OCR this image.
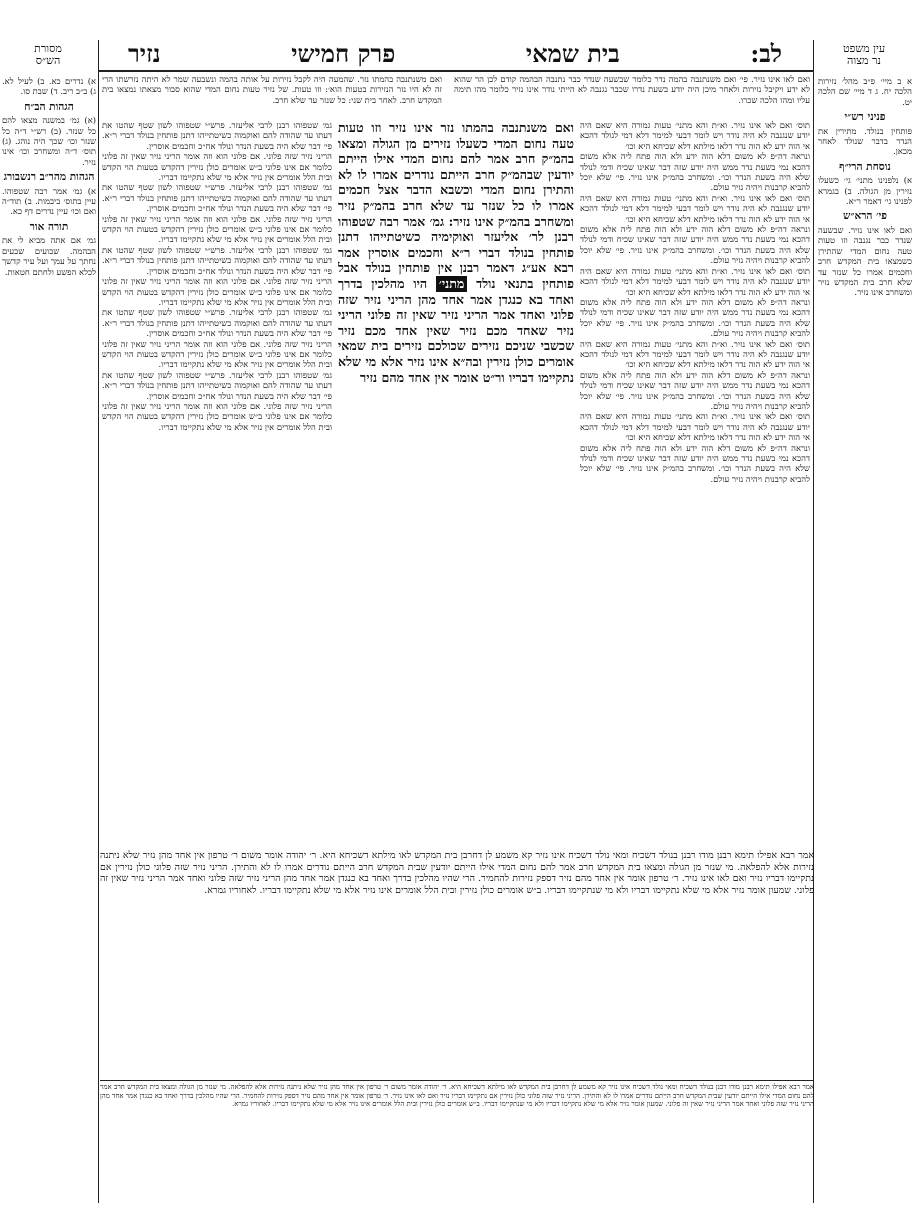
עין משפט
נר מצוה
לב:
בית שמאי
פרק חמישי
נזיר
מסורת
הש״ס

א ב מיי׳ פ״ב מהל׳ נזירות הלכה יח. ג ד מיי׳ שם הלכה יט.

פניני רש״י

פותחין בנולד. מתירין את הנדר בדבר שנולד לאחר מכאן.

נוסחת הרי״ף

א) נלפנינו מתני׳ גי׳ כשעלו נזירין מן הגולה. ב) בגמרא לפנינו גי׳ דאמר ר״א.

פי׳ הרא״ש

ואם לאו אינו נזיר. שבשעה שנדר כבר נגנבה וזו טעות טעה נחום המדי שהתירן כשמצאו בית המקדש חרב וחכמים אמרו כל שנזר עד שלא חרב בית המקדש נזיר ומשחרב אינו נזיר.

א) נדרים כא. ב) לעיל לא. ג) ב״ב ריב. ד) שבת סו.

הגהות הב״ח

(א) גמ׳ במשנה מצאו להם כל שנזר. (ב) רש״י ד״ה כל שנזר וכו׳ שכך היה נוהג. (ג) תוס׳ ד״ה ומשחרב וכו׳ אינו נזיר.

הגהות מהר״ב רנשבורג

א) גמ׳ אמר רבה שטפוהו. עיין בתוס׳ ביבמות. ב) תוד״ה ואם וכו׳ עיין נדרים דף כא.

תורה אור

גמ׳ אם אתה מביא לי את הבהמה. שבועים שבעים נחתך על עמך ועל עיר קדשך לכלא הפשע ולחתם חטאות.

ואם לאו אינו נזיר. פי׳ ואם משנתנבה בהמה נדר כלומר שבשעה שנדר כבר נתנבה הבהמה קודם לכן הר שהוא לא ידע ויקיבל נזירות ולאחר מיכן היה יודע בשעת נדרו שכבר נגנבה לא הייתי נודר אינו נזיר כלומר מהו תימה עליו ומהו הלכה שכרו.
ואם משנתנבה בהמתו נזר. שהמעה היה לקבל נזירות על אותה בהמה ונשבעה שמר לא היתה נזרשתו הרי זה לא היו נזר הנזירות בטעות הוא׳: וזו טעות. של נזיר טעות נחום המדי שהוא סבור מצאתו נמצאו בית המקדש חרב. לאחר בית שני: כל שנזר עד שלא חרב.

תוס׳ ואם לאו אינו נזיר. וא״ת והא מתני׳ טעות גמורה היא שאם היה יודע שנגנבה לא היה נודר ויש לומר דבעי למימר דלא דמי לנולד דהכא אי הוה ידע לא הוה נדר דלאו מילתא דלא שכיחא היא וכו׳

ונראה דה״פ לא משום דלא הוה ידע ולא הוה פתח ליה אלא משום דהכא נמי בשעת נדר ממש היה יודע שזה דבר שאינו שכיח ודמי לנולד שלא היה בשעת הנדר וכו׳. ומשחרב בהמ״ק אינו נזיר. פי׳ שלא יוכל להביא קרבנות ויהיה נזיר עולם.

תוס׳ ואם לאו אינו נזיר. וא״ת והא מתני׳ טעות גמורה היא שאם היה יודע שנגנבה לא היה נודר ויש לומר דבעי למימר דלא דמי לנולד דהכא אי הוה ידע לא הוה נדר דלאו מילתא דלא שכיחא היא וכו׳

ונראה דה״פ לא משום דלא הוה ידע ולא הוה פתח ליה אלא משום דהכא נמי בשעת נדר ממש היה יודע שזה דבר שאינו שכיח ודמי לנולד שלא היה בשעת הנדר וכו׳. ומשחרב בהמ״ק אינו נזיר. פי׳ שלא יוכל להביא קרבנות ויהיה נזיר עולם.

תוס׳ ואם לאו אינו נזיר. וא״ת והא מתני׳ טעות גמורה היא שאם היה יודע שנגנבה לא היה נודר ויש לומר דבעי למימר דלא דמי לנולד דהכא אי הוה ידע לא הוה נדר דלאו מילתא דלא שכיחא היא וכו׳

ונראה דה״פ לא משום דלא הוה ידע ולא הוה פתח ליה אלא משום דהכא נמי בשעת נדר ממש היה יודע שזה דבר שאינו שכיח ודמי לנולד שלא היה בשעת הנדר וכו׳. ומשחרב בהמ״ק אינו נזיר. פי׳ שלא יוכל להביא קרבנות ויהיה נזיר עולם.

תוס׳ ואם לאו אינו נזיר. וא״ת והא מתני׳ טעות גמורה היא שאם היה יודע שנגנבה לא היה נודר ויש לומר דבעי למימר דלא דמי לנולד דהכא אי הוה ידע לא הוה נדר דלאו מילתא דלא שכיחא היא וכו׳

ונראה דה״פ לא משום דלא הוה ידע ולא הוה פתח ליה אלא משום דהכא נמי בשעת נדר ממש היה יודע שזה דבר שאינו שכיח ודמי לנולד שלא היה בשעת הנדר וכו׳. ומשחרב בהמ״ק אינו נזיר. פי׳ שלא יוכל להביא קרבנות ויהיה נזיר עולם.

תוס׳ ואם לאו אינו נזיר. וא״ת והא מתני׳ טעות גמורה היא שאם היה יודע שנגנבה לא היה נודר ויש לומר דבעי למימר דלא דמי לנולד דהכא אי הוה ידע לא הוה נדר דלאו מילתא דלא שכיחא היא וכו׳

ונראה דה״פ לא משום דלא הוה ידע ולא הוה פתח ליה אלא משום דהכא נמי בשעת נדר ממש היה יודע שזה דבר שאינו שכיח ודמי לנולד שלא היה בשעת הנדר וכו׳. ומשחרב בהמ״ק אינו נזיר. פי׳ שלא יוכל להביא קרבנות ויהיה נזיר עולם.

גמ׳ שטפוהו רבנן לרבי אליעזר. פרש״י שטפוהו לשון שטף שהטו את דעתו עד שהודה להם ואוקמוה כשיטתייהו דתנן פותחין בנולד דברי ר״א. פי׳ דבר שלא היה בשעת הנדר ונולד אח״כ וחכמים אוסרין.

הריני נזיר שזה פלוני. אם פלוני הוא וזה אומר הריני נזיר שאין זה פלוני כלומר אם אינו פלוני ב״ש אומרים כולן נזירין דהקדש בטעות הוי הקדש ובית הלל אומרים אין נזיר אלא מי שלא נתקיימו דבריו.

גמ׳ שטפוהו רבנן לרבי אליעזר. פרש״י שטפוהו לשון שטף שהטו את דעתו עד שהודה להם ואוקמוה כשיטתייהו דתנן פותחין בנולד דברי ר״א. פי׳ דבר שלא היה בשעת הנדר ונולד אח״כ וחכמים אוסרין.

הריני נזיר שזה פלוני. אם פלוני הוא וזה אומר הריני נזיר שאין זה פלוני כלומר אם אינו פלוני ב״ש אומרים כולן נזירין דהקדש בטעות הוי הקדש ובית הלל אומרים אין נזיר אלא מי שלא נתקיימו דבריו.

גמ׳ שטפוהו רבנן לרבי אליעזר. פרש״י שטפוהו לשון שטף שהטו את דעתו עד שהודה להם ואוקמוה כשיטתייהו דתנן פותחין בנולד דברי ר״א. פי׳ דבר שלא היה בשעת הנדר ונולד אח״כ וחכמים אוסרין.

הריני נזיר שזה פלוני. אם פלוני הוא וזה אומר הריני נזיר שאין זה פלוני כלומר אם אינו פלוני ב״ש אומרים כולן נזירין דהקדש בטעות הוי הקדש ובית הלל אומרים אין נזיר אלא מי שלא נתקיימו דבריו.

גמ׳ שטפוהו רבנן לרבי אליעזר. פרש״י שטפוהו לשון שטף שהטו את דעתו עד שהודה להם ואוקמוה כשיטתייהו דתנן פותחין בנולד דברי ר״א. פי׳ דבר שלא היה בשעת הנדר ונולד אח״כ וחכמים אוסרין.

הריני נזיר שזה פלוני. אם פלוני הוא וזה אומר הריני נזיר שאין זה פלוני כלומר אם אינו פלוני ב״ש אומרים כולן נזירין דהקדש בטעות הוי הקדש ובית הלל אומרים אין נזיר אלא מי שלא נתקיימו דבריו.

גמ׳ שטפוהו רבנן לרבי אליעזר. פרש״י שטפוהו לשון שטף שהטו את דעתו עד שהודה להם ואוקמוה כשיטתייהו דתנן פותחין בנולד דברי ר״א. פי׳ דבר שלא היה בשעת הנדר ונולד אח״כ וחכמים אוסרין.

הריני נזיר שזה פלוני. אם פלוני הוא וזה אומר הריני נזיר שאין זה פלוני כלומר אם אינו פלוני ב״ש אומרים כולן נזירין דהקדש בטעות הוי הקדש ובית הלל אומרים אין נזיר אלא מי שלא נתקיימו דבריו.

ואם משנתנבה בהמתו נזר אינו נזיר וזו טעות טעה נחום המדי כשעלו נזירים מן הגולה ומצאו בהמ״ק חרב אמר להם נחום המדי אילו הייתם יודעין שבהמ״ק חרב הייתם נודרים אמרו לו לא והתירן נחום המדי וכשבא הדבר אצל חכמים אמרו לו כל שנזר עד שלא חרב בהמ״ק נזיר ומשחרב בהמ״ק אינו נזיר: גמ׳ אמר רבה שטפוהו רבנן לר׳ אליעזר ואוקימיה כשיטתייהו דתנן פותחין בנולד דברי ר״א וחכמים אוסרין אמר רבא אע״ג דאמר רבנן אין פותחין בנולד אבל פותחין בתנאי נולד מתני׳ היו מהלכין בדרך ואחד בא כנגדן אמר אחד מהן הריני נזיר שזה פלוני ואחד אמר הריני נזיר שאין זה פלוני הריני נזיר שאחד מכם נזיר שאין אחד מכם נזיר שכשבי שניכם נזירים שכולכם נזירים בית שמאי אומרים כולן נזירין ובה״א אינו נזיר אלא מי שלא נתקיימו דבריו ור״ט אומר אין אחד מהם נזיר
אמר רבא אפילו תימא רבנן מודו רבנן בנולד דשכיח ומאי נולד דשכיח אינו נזיר קא משמע לן דחרבן בית המקדש לאו מילתא דשכיחא היא. ר׳ יהודה אומר משום ר׳ טרפון אין אחד מהן נזיר שלא ניתנה נזירות אלא להפלאה. מי שנזר מן הגולה ומצאו בית המקדש חרב אמר להם נחום המדי אילו הייתם יודעין שבית המקדש חרב הייתם נודרים אמרו לו לא והתירן. הריני נזיר שזה פלוני כולן נזירין אם נתקיימו דבריו נזיר ואם לאו אינו נזיר. ר׳ טרפון אומר אין אחד מהם נזיר דספק נזירות להחמיר. הרי שהיו מהלכין בדרך ואחד בא כנגדן אמר אחד מהן הריני נזיר שזה פלוני ואחד אמר הריני נזיר שאין זה פלוני. שמעון אומר נזיר אלא מי שלא נתקיימו דבריו ולא מי שנתקיימו דבריו. ב״ש אומרים כולן נזירין ובית הלל אומרים אינו נזיר אלא מי שלא נתקיימו דבריו. לאחוריו גמרא.
אמר רבא אפילו תימא רבנן מודו רבנן בנולד דשכיח ומאי נולד דשכיח אינו נזיר קא משמע לן דחרבן בית המקדש לאו מילתא דשכיחא היא. ר׳ יהודה אומר משום ר׳ טרפון אין אחד מהן נזיר שלא ניתנה נזירות אלא להפלאה. מי שנזר מן הגולה ומצאו בית המקדש חרב אמר להם נחום המדי אילו הייתם יודעין שבית המקדש חרב הייתם נודרים אמרו לו לא והתירן. הריני נזיר שזה פלוני כולן נזירין אם נתקיימו דבריו נזיר ואם לאו אינו נזיר. ר׳ טרפון אומר אין אחד מהם נזיר דספק נזירות להחמיר. הרי שהיו מהלכין בדרך ואחד בא כנגדן אמר אחד מהן הריני נזיר שזה פלוני ואחד אמר הריני נזיר שאין זה פלוני. שמעון אומר נזיר אלא מי שלא נתקיימו דבריו ולא מי שנתקיימו דבריו. ב״ש אומרים כולן נזירין ובית הלל אומרים אינו נזיר אלא מי שלא נתקיימו דבריו. לאחוריו גמרא.
